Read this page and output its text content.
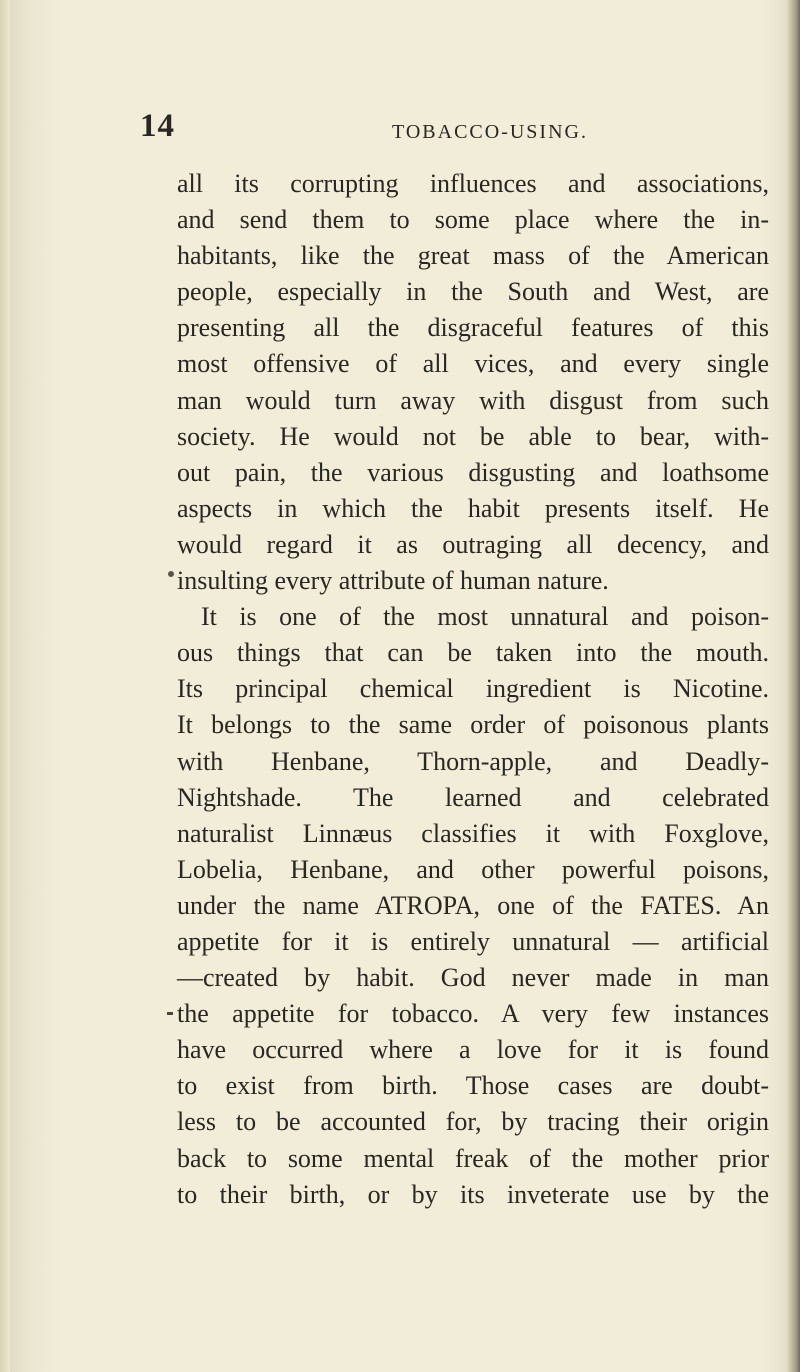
14	TOBACCO-USING.
all its corrupting influences and associations,
and send them to some place where the in-
habitants, like the great mass of the American
people, especially in the South and West, are
presenting all the disgraceful features of this
most offensive of all vices, and every single
man would turn away with disgust from such
society. He would not be able to bear, with-
out pain, the various disgusting and loathsome
aspects in which the habit presents itself. He
would regard it as outraging all decency, and
insulting every attribute of human nature.
It is one of the most unnatural and poison-
ous things that can be taken into the mouth.
Its principal chemical ingredient is Nicotine.
It belongs to the same order of poisonous plants
with Henbane, Thorn-apple, and Deadly-
Nightshade. The learned and celebrated
naturalist Linnæus classifies it with Foxglove,
Lobelia, Henbane, and other powerful poisons,
under the name ATROPA, one of the FATES. An
appetite for it is entirely unnatural — artificial
—created by habit. God never made in man
the appetite for tobacco. A very few instances
have occurred where a love for it is found
to exist from birth. Those cases are doubt-
less to be accounted for, by tracing their origin
back to some mental freak of the mother prior
to their birth, or by its inveterate use by the
